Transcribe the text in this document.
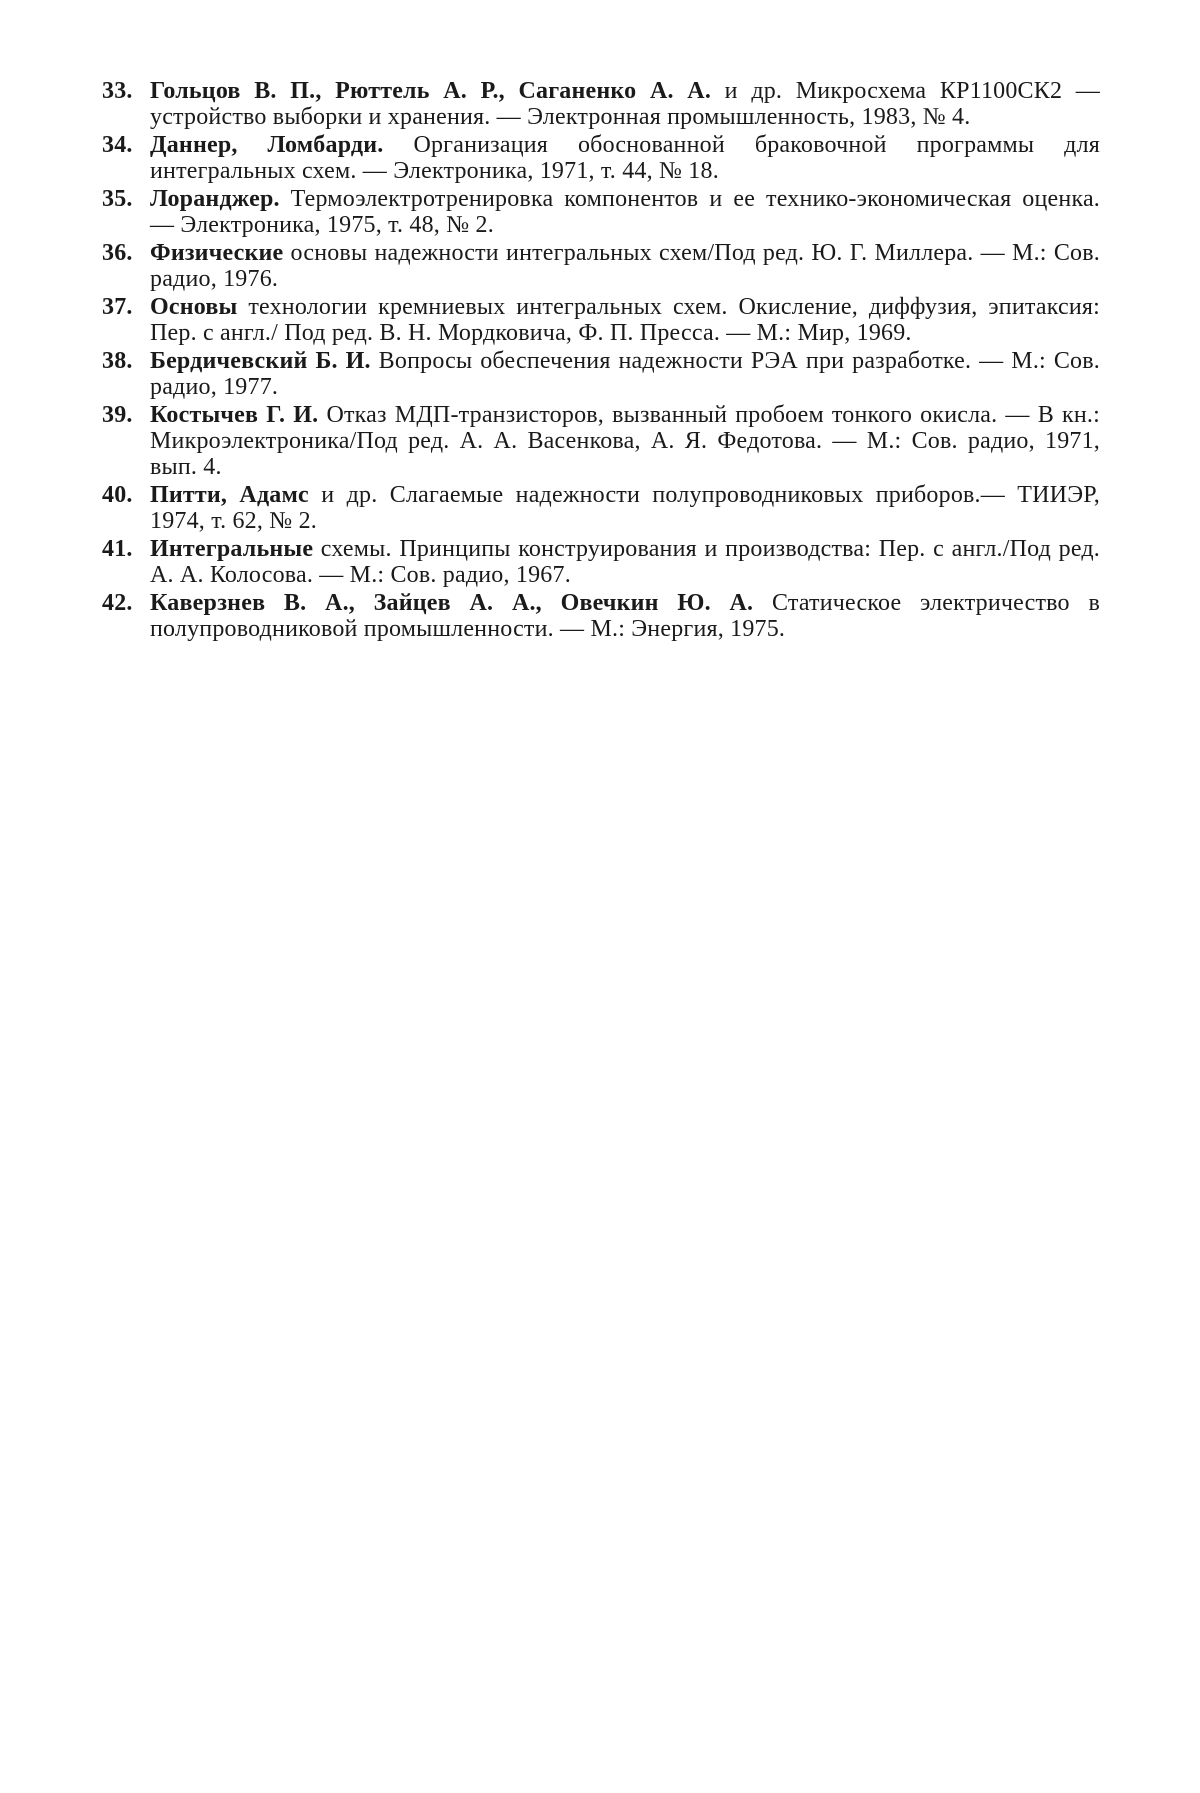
33. Гольцов В. П., Рюттель А. Р., Саганенко А. А. и др. Микросхема КР1100СК2 — устройство выборки и хранения. — Электронная промышленность, 1983, № 4.
34. Даннер, Ломбарди. Организация обоснованной браковочной программы для интегральных схем. — Электроника, 1971, т. 44, № 18.
35. Лоранджер. Термоэлектротренировка компонентов и ее технико-экономическая оценка. — Электроника, 1975, т. 48, № 2.
36. Физические основы надежности интегральных схем/Под ред. Ю. Г. Миллера. — М.: Сов. радио, 1976.
37. Основы технологии кремниевых интегральных схем. Окисление, диффузия, эпитаксия: Пер. с англ./ Под ред. В. Н. Мордковича, Ф. П. Пресса. — М.: Мир, 1969.
38. Бердичевский Б. И. Вопросы обеспечения надежности РЭА при разработке. — М.: Сов. радио, 1977.
39. Костычев Г. И. Отказ МДП-транзисторов, вызванный пробоем тонкого окисла. — В кн.: Микроэлектроника/Под ред. А. А. Васенкова, А. Я. Федотова. — М.: Сов. радио, 1971, вып. 4.
40. Питти, Адамс и др. Слагаемые надежности полупроводниковых приборов.— ТИИЭР, 1974, т. 62, № 2.
41. Интегральные схемы. Принципы конструирования и производства: Пер. с англ./Под ред. А. А. Колосова. — М.: Сов. радио, 1967.
42. Каверзнев В. А., Зайцев А. А., Овечкин Ю. А. Статическое электричество в полупроводниковой промышленности. — М.: Энергия, 1975.
